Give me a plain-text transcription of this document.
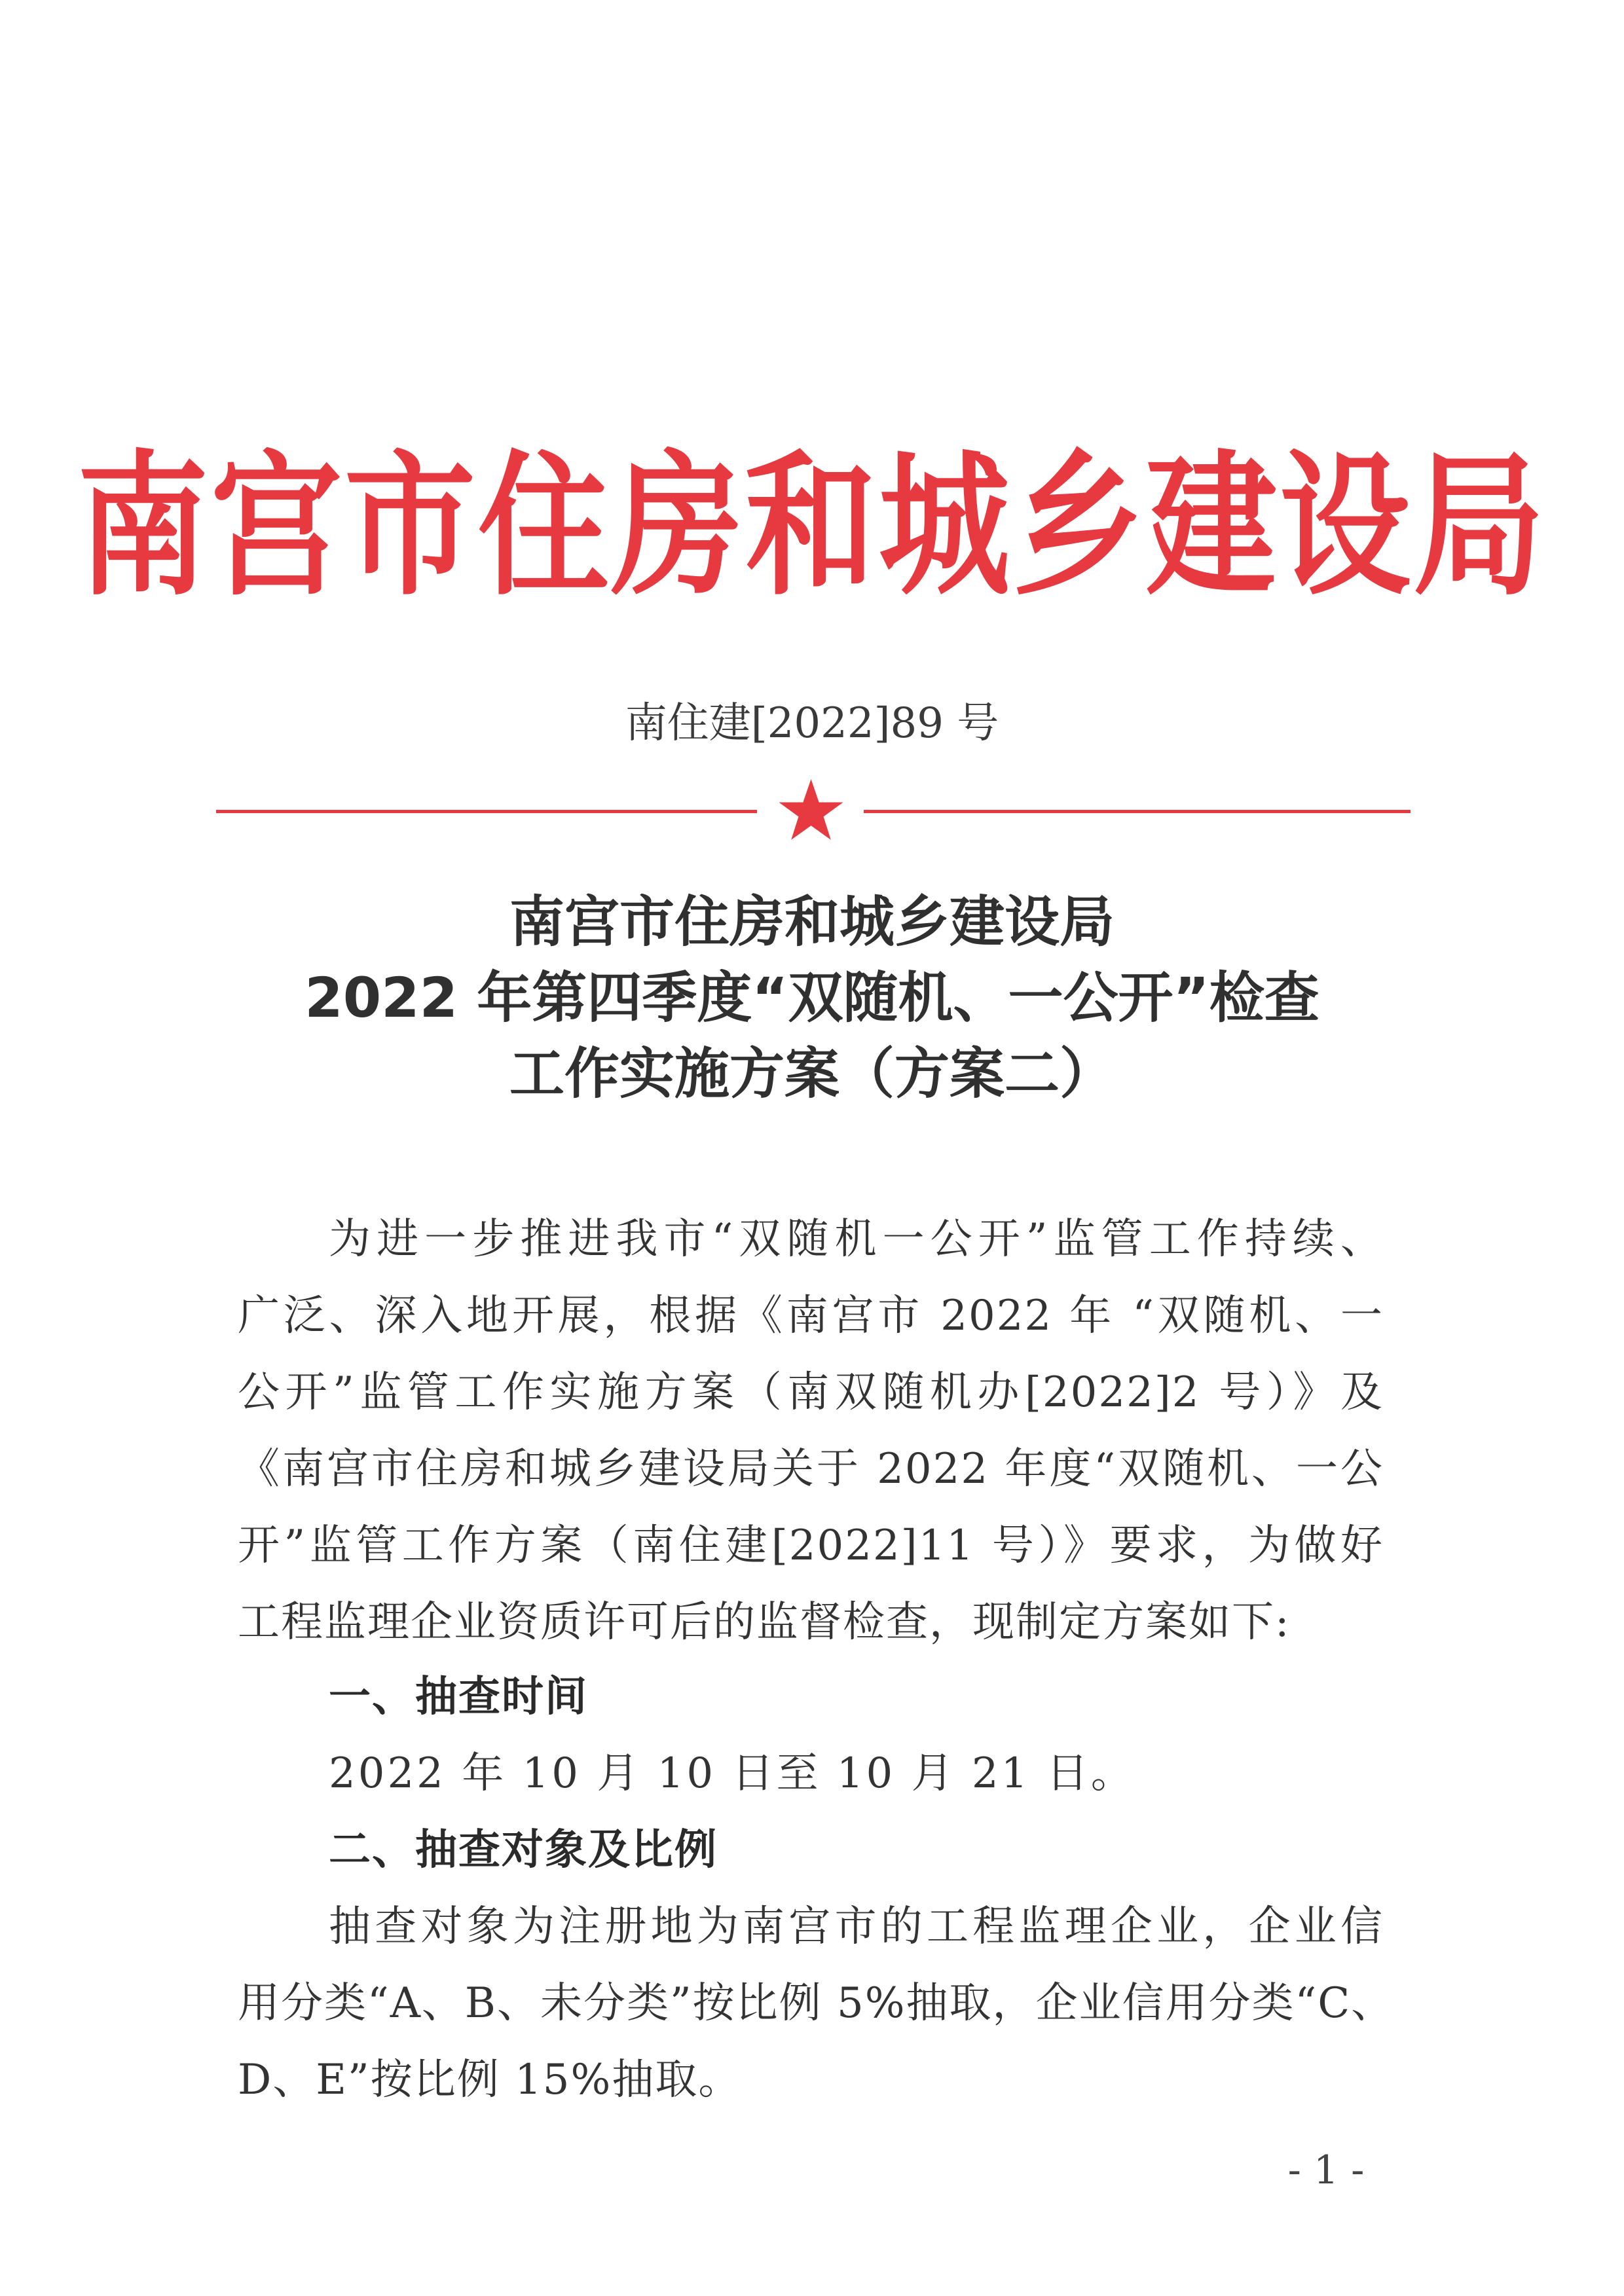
南宫市住房和城乡建设局
南住建[2022]89 号
南宫市住房和城乡建设局
2022 年第四季度“双随机、一公开”检查
工作实施方案（方案二）
为进一步推进我市“双随机一公开”监管工作持续、
广泛、深入地开展，根据《南宫市 2022 年 “双随机、一
公开”监管工作实施方案（南双随机办[2022]2 号）》及
《南宫市住房和城乡建设局关于 2022 年度“双随机、一公
开”监管工作方案（南住建[2022]11 号）》要求，为做好
工程监理企业资质许可后的监督检查，现制定方案如下:
一、抽查时间
2022 年 10 月 10 日至 10 月 21 日。
二、抽查对象及比例
抽查对象为注册地为南宫市的工程监理企业，企业信
用分类“A、B、未分类”按比例 5%抽取，企业信用分类“C、
D、E”按比例 15%抽取。
- 1 -
